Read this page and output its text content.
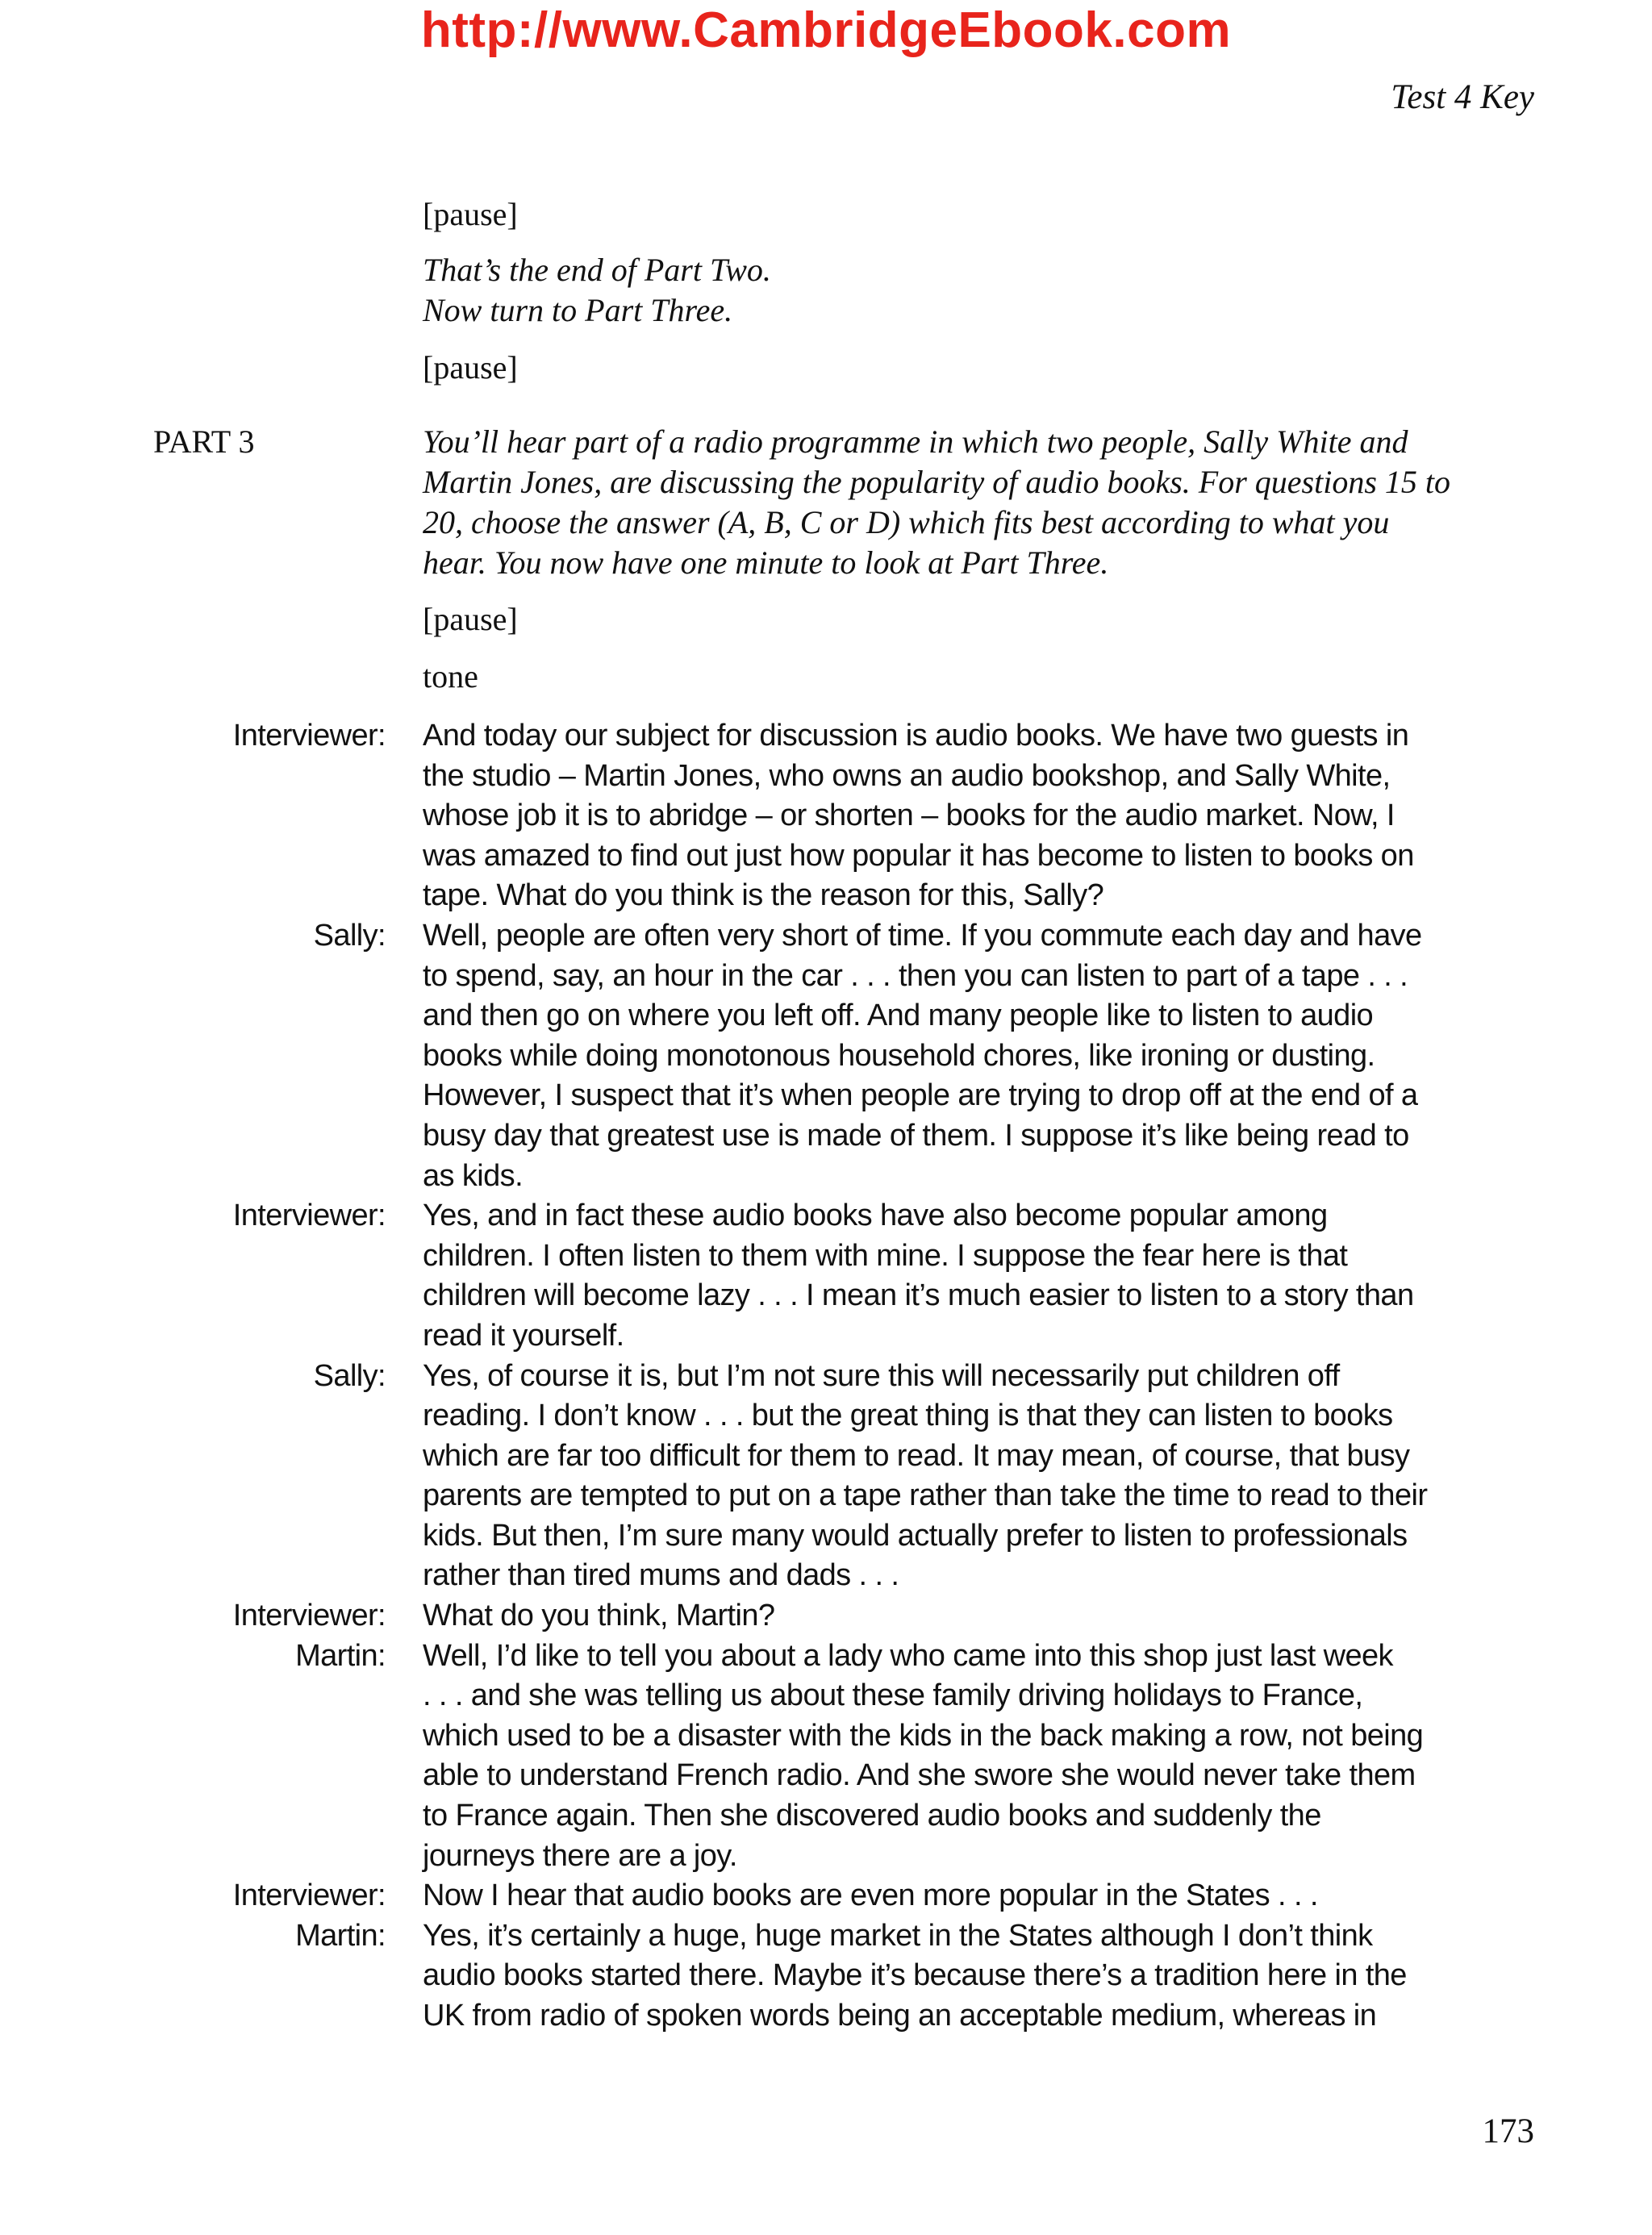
http://www.CambridgeEbook.com
Test 4 Key
[pause]
That’s the end of Part Two.
Now turn to Part Three.
[pause]
PART 3	You’ll hear part of a radio programme in which two people, Sally White and
Martin Jones, are discussing the popularity of audio books. For questions 15 to
20, choose the answer (A, B, C or D) which fits best according to what you
hear. You now have one minute to look at Part Three.
[pause]
tone
Interviewer: And today our subject for discussion is audio books. We have two guests in
the studio – Martin Jones, who owns an audio bookshop, and Sally White,
whose job it is to abridge – or shorten – books for the audio market. Now, I
was amazed to find out just how popular it has become to listen to books on
tape. What do you think is the reason for this, Sally?
Sally: Well, people are often very short of time. If you commute each day and have
to spend, say, an hour in the car . . . then you can listen to part of a tape . . .
and then go on where you left off. And many people like to listen to audio
books while doing monotonous household chores, like ironing or dusting.
However, I suspect that it’s when people are trying to drop off at the end of a
busy day that greatest use is made of them. I suppose it’s like being read to
as kids.
Interviewer: Yes, and in fact these audio books have also become popular among
children. I often listen to them with mine. I suppose the fear here is that
children will become lazy . . . I mean it’s much easier to listen to a story than
read it yourself.
Sally: Yes, of course it is, but I’m not sure this will necessarily put children off
reading. I don’t know . . . but the great thing is that they can listen to books
which are far too difficult for them to read. It may mean, of course, that busy
parents are tempted to put on a tape rather than take the time to read to their
kids. But then, I’m sure many would actually prefer to listen to professionals
rather than tired mums and dads . . .
Interviewer: What do you think, Martin?
Martin: Well, I’d like to tell you about a lady who came into this shop just last week
. . . and she was telling us about these family driving holidays to France,
which used to be a disaster with the kids in the back making a row, not being
able to understand French radio. And she swore she would never take them
to France again. Then she discovered audio books and suddenly the
journeys there are a joy.
Interviewer: Now I hear that audio books are even more popular in the States . . .
Martin: Yes, it’s certainly a huge, huge market in the States although I don’t think
audio books started there. Maybe it’s because there’s a tradition here in the
UK from radio of spoken words being an acceptable medium, whereas in
173
